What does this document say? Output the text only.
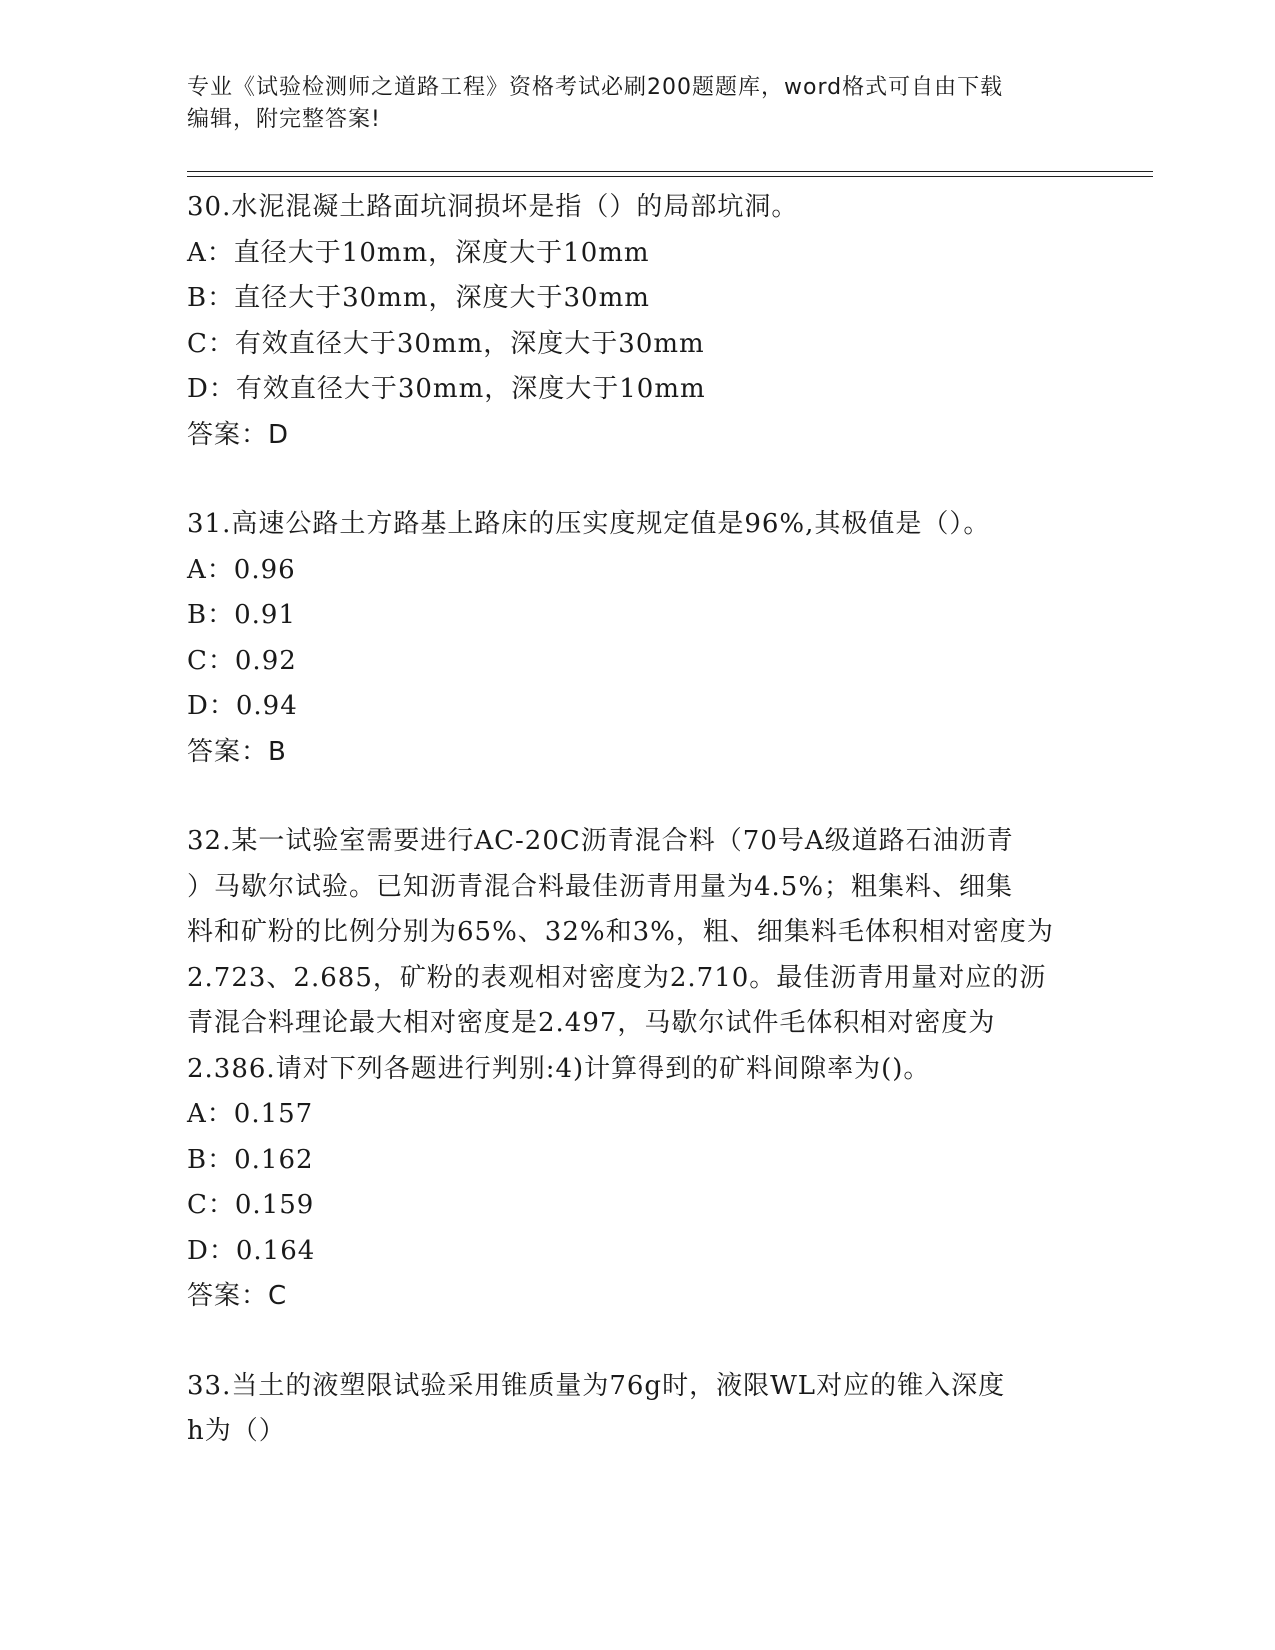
专业《试验检测师之道路工程》资格考试必刷200题题库，word格式可自由下载
编辑，附完整答案!
30.水泥混凝土路面坑洞损坏是指（）的局部坑洞。
A：直径大于10mm，深度大于10mm
B：直径大于30mm，深度大于30mm
C：有效直径大于30mm，深度大于30mm
D：有效直径大于30mm，深度大于10mm
答案：D
31.高速公路土方路基上路床的压实度规定值是96%,其极值是（）。
A：0.96
B：0.91
C：0.92
D：0.94
答案：B
32.某一试验室需要进行AC-20C沥青混合料（70号A级道路石油沥青
）马歇尔试验。已知沥青混合料最佳沥青用量为4.5%；粗集料、细集
料和矿粉的比例分别为65%、32%和3%，粗、细集料毛体积相对密度为
2.723、2.685，矿粉的表观相对密度为2.710。最佳沥青用量对应的沥
青混合料理论最大相对密度是2.497，马歇尔试件毛体积相对密度为
2.386.请对下列各题进行判别:4)计算得到的矿料间隙率为()。
A：0.157
B：0.162
C：0.159
D：0.164
答案：C
33.当土的液塑限试验采用锥质量为76g时，液限WL对应的锥入深度
h为（）
